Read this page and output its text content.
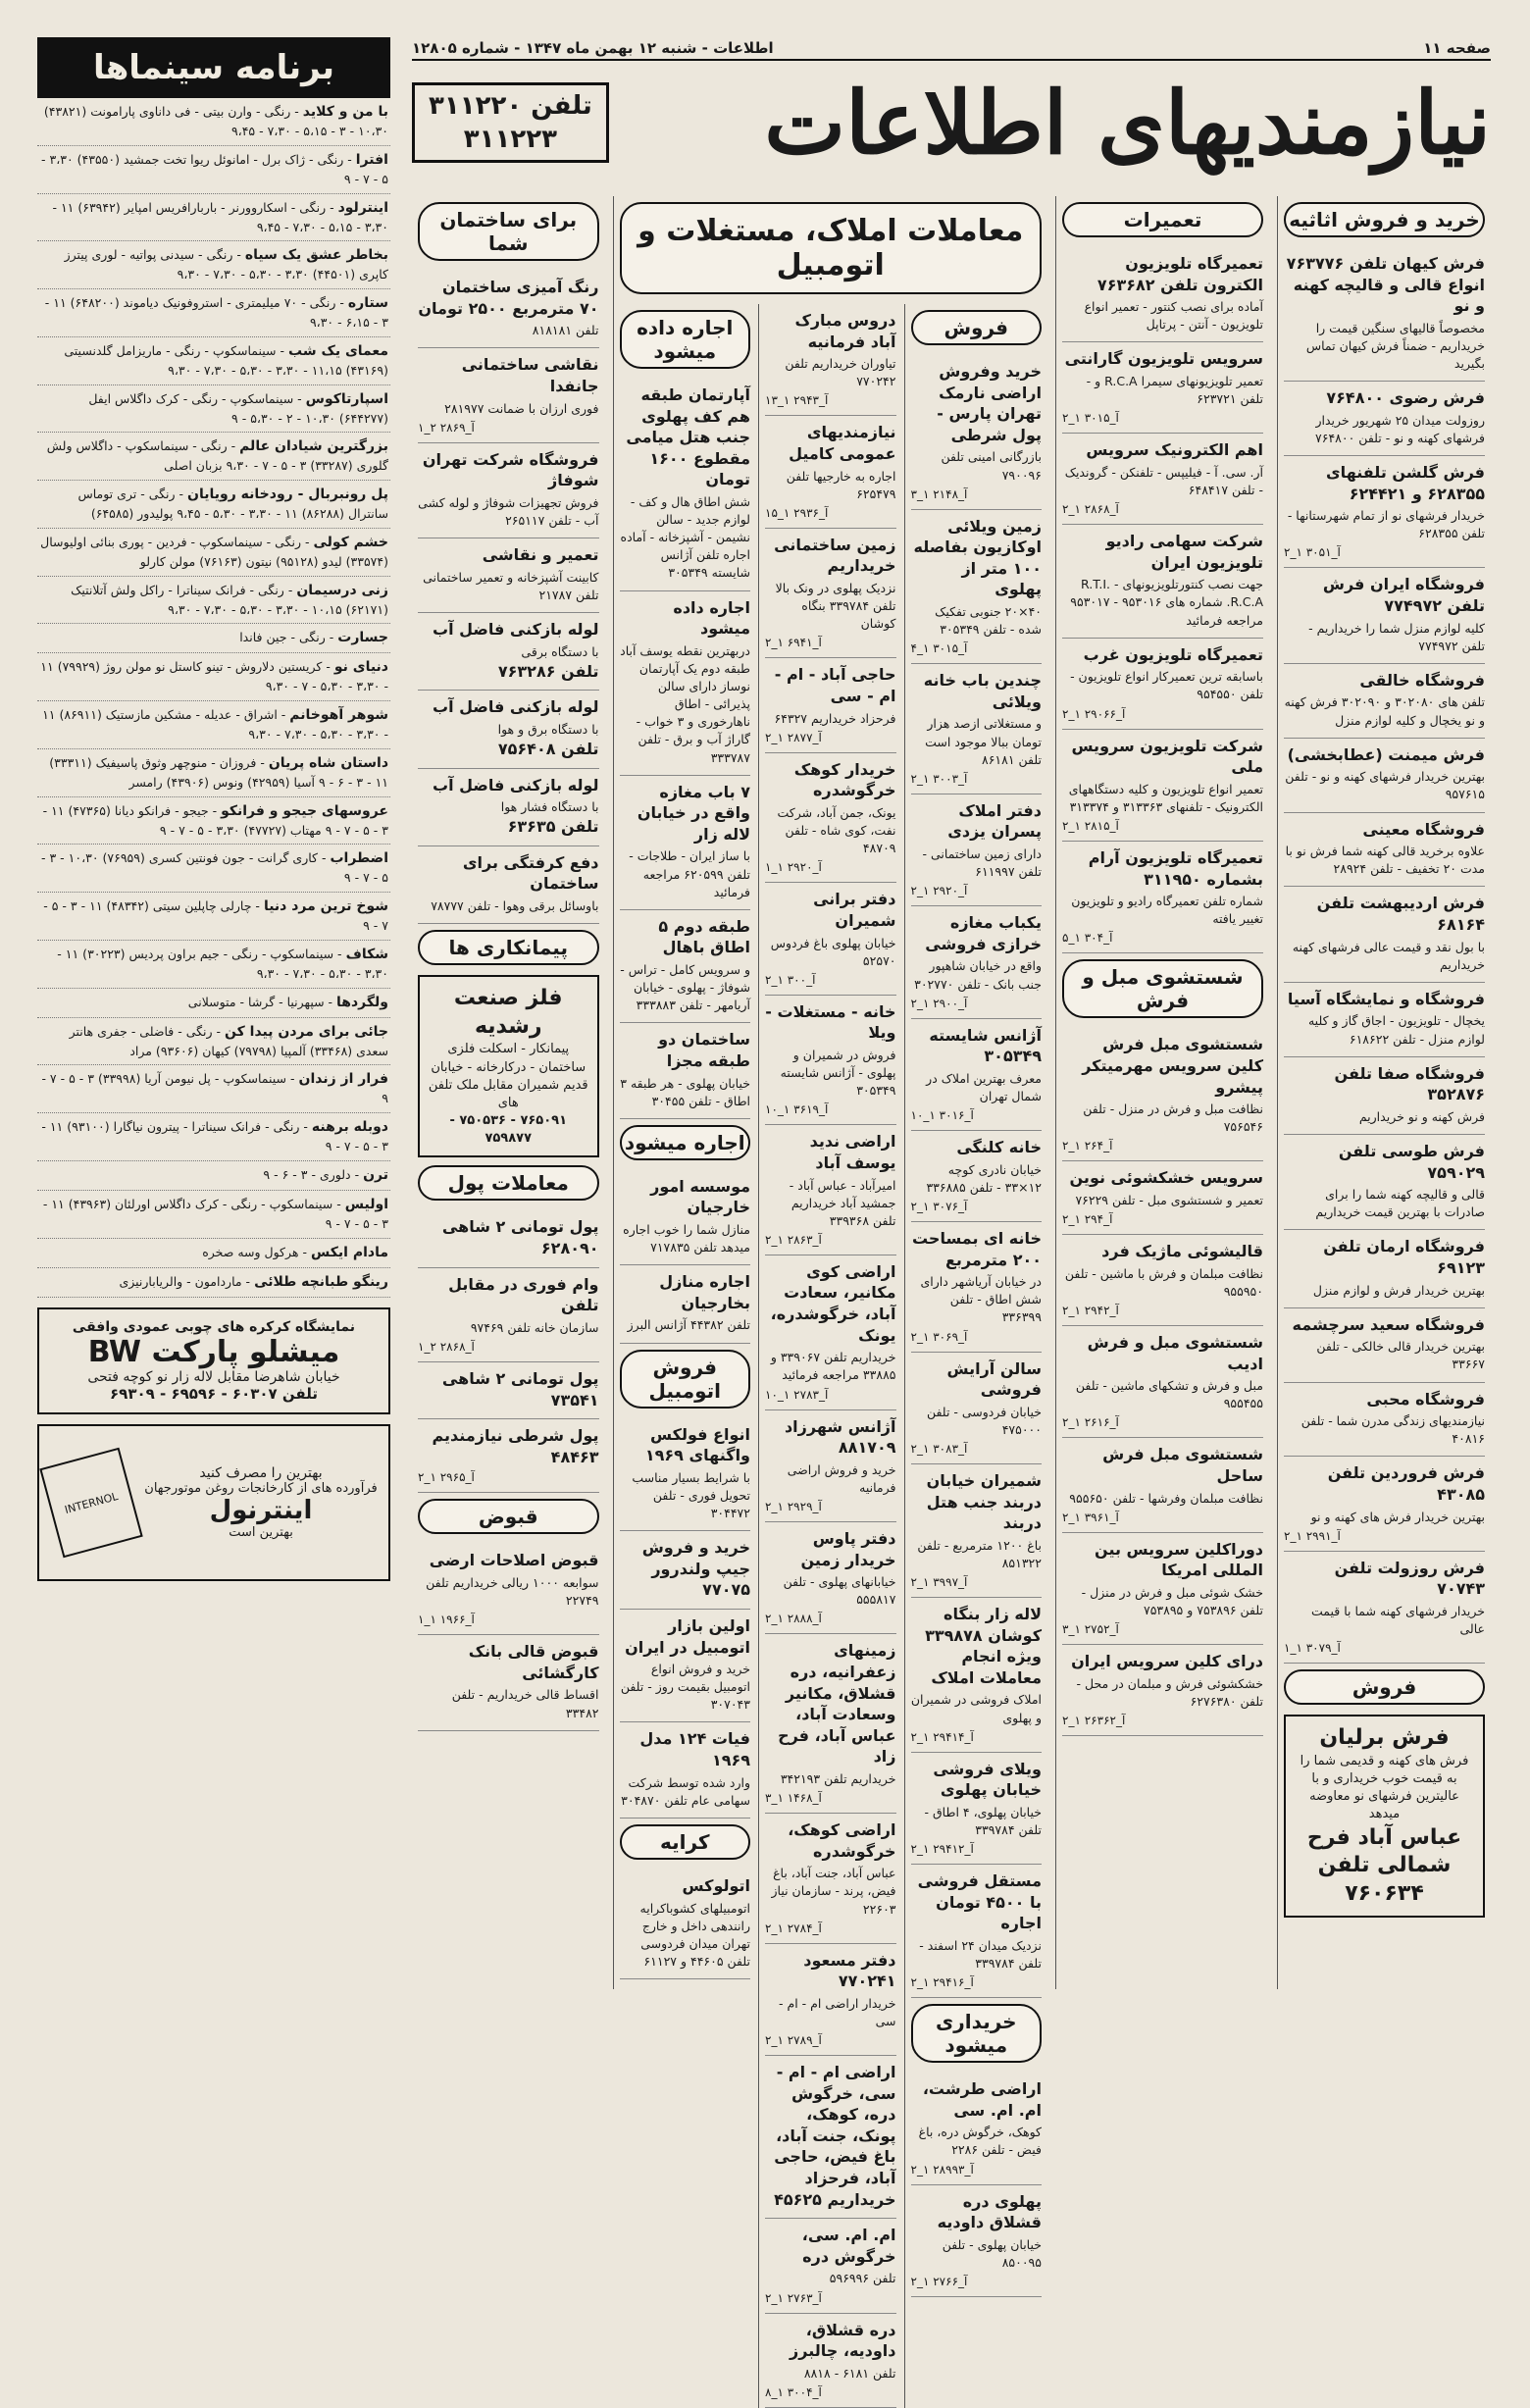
صفحه ۱۱
اطلاعات - شنبه ۱۲ بهمن ماه ۱۳۴۷ - شماره ۱۲۸۰۵
نیازمندیهای اطلاعات
تلفن ۳۱۱۲۲۰
۳۱۱۲۲۳
خرید و فروش اثاثیه
فرش کیهان تلفن ۷۶۳۷۷۶ انواع قالی و قالیچه کهنه و نو
مخصوصاً قالیهای سنگین قیمت را خریداریم - ضمناً فرش کیهان تماس بگیرید
فرش رضوی ۷۶۴۸۰۰
روزولت میدان ۲۵ شهریور خریدار فرشهای کهنه و نو - تلفن ۷۶۴۸۰۰
فرش گلشن تلفنهای ۶۲۸۳۵۵ و ۶۲۴۴۲۱
خریدار فرشهای نو از تمام شهرستانها - تلفن ۶۲۸۳۵۵
آ_۳۰۵۱ ۱_۲
فروشگاه ایران فرش تلفن ۷۷۴۹۷۲
کلیه لوازم منزل شما را خریداریم - تلفن ۷۷۴۹۷۲
فروشگاه خالقی
تلفن های ۳۰۲۰۸۰ و ۳۰۲۰۹۰ فرش کهنه و نو یخچال و کلیه لوازم منزل
فرش میمنت (عطابخشی)
بهترین خریدار فرشهای کهنه و نو - تلفن ۹۵۷۶۱۵
فروشگاه معینی
علاوه برخرید قالی کهنه شما فرش نو با مدت ۲۰ تخفیف - تلفن ۲۸۹۲۴
فرش اردیبهشت تلفن ۶۸۱۶۴
با بول نقد و قیمت عالی فرشهای کهنه خریداریم
فروشگاه و نمایشگاه آسیا
یخچال - تلویزیون - اجاق گاز و کلیه لوازم منزل - تلفن ۶۱۸۶۲۲
فروشگاه صفا تلفن ۳۵۲۸۷۶
فرش کهنه و نو خریداریم
فرش طوسی تلفن ۷۵۹۰۲۹
قالی و قالیچه کهنه شما را برای صادرات با بهترین قیمت خریداریم
فروشگاه ارمان تلفن ۶۹۱۲۳
بهترین خریدار فرش و لوازم منزل
فروشگاه سعید سرچشمه
بهترین خریدار قالی خالکی - تلفن ۳۳۶۶۷
فروشگاه محبی
نیازمندیهای زندگی مدرن شما - تلفن ۴۰۸۱۶
فرش فروردین تلفن ۴۳۰۸۵
بهترین خریدار فرش های کهنه و نو
آ_۲۹۹۱ ۱_۲
فرش روزولت تلفن ۷۰۷۴۳
خریدار فرشهای کهنه شما با قیمت عالی
آ_۳۰۷۹ ۱_۱
فروش
فرش برلیان
فرش های کهنه و قدیمی شما را به قیمت خوب خریداری و با عالیترین فرشهای نو معاوضه میدهد
عباس آباد فرح شمالی تلفن
۷۶۰۶۳۴
تعمیرات
تعمیرگاه تلویزیون الکترون تلفن ۷۶۳۶۸۲
آماده برای نصب کنتور - تعمیر انواع تلویزیون - آنتن - پرتاپل
سرویس تلویزیون گارانتی
تعمیر تلویزیونهای سیمرا R.C.A و - تلفن ۶۲۳۷۲۱
آ_۳۰۱۵ ۱_۲
اهم الکترونیک سرویس
آر. سی. آ - فیلیپس - تلفنکن - گروندیک - تلفن ۶۴۸۴۱۷
آ_۲۸۶۸ ۱_۲
شرکت سهامی رادیو تلویزیون ایران
جهت نصب کنتورتلویزیونهای R.T.I. - R.C.A. شماره های ۹۵۳۰۱۶ - ۹۵۳۰۱۷ مراجعه فرمائید
تعمیرگاه تلویزیون غرب
باسابقه ترین تعمیرکار انواع تلویزیون - تلفن ۹۵۴۵۵۰
آ_۲۹۰۶۶ ۱_۲
شرکت تلویزیون سرویس ملی
تعمیر انواع تلویزیون و کلیه دستگاههای الکترونیک - تلفنهای ۳۱۳۳۶۳ و ۳۱۳۳۷۴
آ_۲۸۱۵ ۱_۲
تعمیرگاه تلویزیون آرام بشماره ۳۱۱۹۵۰
شماره تلفن تعمیرگاه رادیو و تلویزیون تغییر یافته
آ_۳۰۴ ۱_۵
شستشوی مبل و فرش
شستشوی مبل فرش کلین سرویس مهرمیتکر پیشرو
نظافت مبل و فرش در منزل - تلفن ۷۵۶۵۴۶
آ_۲۶۴ ۱_۲
سرویس خشکشوئی نوین
تعمیر و شستشوی مبل - تلفن ۷۶۲۲۹
آ_۲۹۴ ۱_۲
قالیشوئی ماژیک فرد
نظافت مبلمان و فرش با ماشین - تلفن ۹۵۵۹۵۰
آ_۲۹۴۲ ۱_۲
شستشوی مبل و فرش ادیب
مبل و فرش و تشکهای ماشین - تلفن ۹۵۵۴۵۵
آ_۲۶۱۶ ۱_۲
شستشوی مبل فرش ساحل
نظافت مبلمان وفرشها - تلفن ۹۵۵۶۵۰
آ_۳۹۶۱ ۱_۲
دوراکلین سرویس بین المللی امریکا
خشک شوئی مبل و فرش در منزل - تلفن ۷۵۳۸۹۶ و ۷۵۳۸۹۵
آ_۲۷۵۲ ۱_۳
درای کلین سرویس ایران
خشکشوئی فرش و مبلمان در محل - تلفن ۶۲۷۶۳۸۰
آ_۲۶۳۶۲ ۱_۲
معاملات املاک، مستغلات و اتومبیل
فروش
خرید وفروش اراضی نارمک تهران پارس - پول شرطی
بازرگانی امینی تلفن ۷۹۰۰۹۶
آ_۲۱۴۸ ۱_۳
زمین ویلائی اوکازیون بفاصله ۱۰۰ متر از پهلوی
۴۰×۲۰ جنوبی تفکیک شده - تلفن ۳۰۵۳۴۹
آ_۳۰۱۵ ۱_۴
چندین باب خانه ویلائی
و مستغلاتی ازصد هزار تومان ببالا موجود است تلفن ۸۶۱۸۱
آ_۳۰۰۳ ۱_۲
دفتر املاک پسران یزدی
دارای زمین ساختمانی - تلفن ۶۱۱۹۹۷
آ_۲۹۲۰ ۱_۲
یکباب مغازه خرازی فروشی
واقع در خیابان شاهپور جنب بانک - تلفن ۳۰۲۷۷۰
آ_۲۹۰۰ ۱_۲
آژانس شایسته ۳۰۵۳۴۹
معرف بهترین املاک در شمال تهران
آ_۳۰۱۶ ۱_۱۰
خانه کلنگی
خیابان نادری کوچه ۱۲×۳۳ - تلفن ۳۳۶۸۸۵
آ_۳۰۷۶ ۱_۲
خانه ای بمساحت ۲۰۰ مترمربع
در خیابان آریاشهر دارای شش اطاق - تلفن ۳۳۶۳۹۹
آ_۳۰۶۹ ۱_۲
سالن آرایش فروشی
خیابان فردوسی - تلفن ۴۷۵۰۰۰
آ_۳۰۸۳ ۱_۲
شمیران خیابان دربند جنب هتل دربند
باغ ۱۲۰۰ مترمربع - تلفن ۸۵۱۳۲۲
آ_۳۹۹۷ ۱_۲
لاله زار بنگاه کوشان ۳۳۹۸۷۸ ویژه انجام معاملات املاک
املاک فروشی در شمیران و پهلوی
آ_۲۹۴۱۴ ۱_۲
ویلای فروشی خیابان پهلوی
خیابان پهلوی، ۴ اطاق - تلفن ۳۳۹۷۸۴
آ_۲۹۴۱۲ ۱_۲
مستقل فروشی با ۴۵۰۰ تومان اجاره
نزدیک میدان ۲۴ اسفند - تلفن ۳۳۹۷۸۴
آ_۲۹۴۱۶ ۱_۲
خریداری میشود
اراضی طرشت، ام. ام. سی
کوهک، خرگوش دره، باغ فیض - تلفن ۲۲۸۶
آ_۲۸۹۹۳ ۱_۲
پهلوی دره قشلاق داودیه
خیابان پهلوی - تلفن ۸۵۰۰۹۵
آ_۲۷۶۶ ۱_۲
دروس مبارک آباد فرمانیه
تیاوران خریداریم تلفن ۷۷۰۲۴۲
آ_۲۹۴۳ ۱_۱۳
نیازمندیهای عمومی کامیل
اجاره به خارجیها تلفن ۶۲۵۴۷۹
آ_۲۹۳۶ ۱_۱۵
زمین ساختمانی خریداریم
نزدیک پهلوی در ونک بالا تلفن ۳۳۹۷۸۴ بنگاه کوشان
آ_۶۹۴۱ ۱_۲
حاجی آباد - ام - ام - سی
فرحزاد خریداریم ۶۴۳۲۷
آ_۲۸۷۷ ۱_۲
خریدار کوهک خرگوشدره
یونک، جمن آباد، شرکت نفت، کوی شاه - تلفن ۴۸۷۰۹
آ_۲۹۲۰ ۱_۱
دفتر برانی شمیران
خیابان پهلوی باغ فردوس ۵۲۵۷۰
آ_۳۰۰ ۱_۲
خانه - مستغلات - ویلا
فروش در شمیران و پهلوی - آژانس شایسته ۳۰۵۳۴۹
آ_۳۶۱۹ ۱_۱۰
اراضی ندید یوسف آباد
امیرآباد - عباس آباد - جمشید آباد خریداریم تلفن ۳۳۹۳۶۸
آ_۲۸۶۳ ۱_۲
اراضی کوی مکانیر، سعادت آباد، خرگوشدره، یونک
خریداریم تلفن ۳۳۹۰۶۷ و ۳۳۸۸۵ مراجعه فرمائید
آ_۲۷۸۳ ۱_۱۰
آژانس شهرزاد ۸۸۱۷۰۹
خرید و فروش اراضی فرمانیه
آ_۲۹۲۹ ۱_۲
دفتر پاوس خریدار زمین
خیابانهای پهلوی - تلفن ۵۵۵۸۱۷
آ_۲۸۸۸ ۱_۲
زمینهای زعفرانیه، دره قشلاق، مکانیر وسعادت آباد، عباس آباد، فرح زاد
خریداریم تلفن ۳۴۲۱۹۳
آ_۱۴۶۸ ۱_۳
اراضی کوهک، خرگوشدره
عباس آباد، جنت آباد، باغ فیض، پرند - سازمان نیاز ۲۲۶۰۳
آ_۲۷۸۴ ۱_۲
دفتر مسعود ۷۷۰۲۴۱
خریدار اراضی ام - ام - سی
آ_۲۷۸۹ ۱_۲
اراضی ام - ام - سی، خرگوش دره، کوهک، پونک، جنت آباد، باغ فیض، حاجی آباد، فرحزاد خریداریم ۴۵۶۲۵
ام. ام. سی، خرگوش دره
تلفن ۵۹۶۹۹۶
آ_۲۷۶۳ ۱_۲
دره قشلاق، داودیه، چالبرز
تلفن ۶۱۸۱ - ۸۸۱۸
آ_۳۰۰۴ ۱_۸
اجاره داده میشود
آپارتمان طبقه هم کف پهلوی جنب هتل میامی مقطوع ۱۶۰۰ تومان
شش اطاق هال و کف - لوازم جدید - سالن نشیمن - آشپزخانه - آماده اجاره تلفن آژانس شایسته ۳۰۵۳۴۹
اجاره داده میشود
دربهترین نقطه یوسف آباد طبقه دوم یک آپارتمان نوساز دارای سالن پذیرائی - اطاق ناهارخوری و ۳ خواب - گاراژ آب و برق - تلفن ۳۳۳۷۸۷
۷ باب مغازه واقع در خیابان لاله زار
با ساز ایران - طلاجات - تلفن ۶۲۰۵۹۹ مراجعه فرمائید
طبقه دوم ۵ اطاق باهال
و سرویس کامل - تراس - شوفاژ - پهلوی - خیابان آریامهر - تلفن ۳۳۳۸۸۳
ساختمان دو طبقه مجزا
خیابان پهلوی - هر طبقه ۳ اطاق - تلفن ۳۰۴۵۵
اجاره میشود
موسسه امور خارجیان
منازل شما را خوب اجاره میدهد تلفن ۷۱۷۸۳۵
اجاره منازل بخارجیان
تلفن ۴۴۳۸۲ آژانس البرز
فروش اتومبیل
انواع فولکس واگنهای ۱۹۶۹
با شرایط بسیار مناسب تحویل فوری - تلفن ۳۰۴۴۷۲
خرید و فروش جیپ ولندرور ۷۷۰۷۵
اولین بازار اتومبیل در ایران
خرید و فروش انواع اتومبیل بقیمت روز - تلفن ۳۰۷۰۴۳
فیات ۱۲۴ مدل ۱۹۶۹
وارد شده توسط شرکت سهامی عام تلفن ۳۰۴۸۷۰
کرایه
اتولوکس
اتومبیلهای کشوباکرایه رانندهی داخل و خارج تهران میدان فردوسی تلفن ۴۴۶۰۵ و ۶۱۱۲۷
برای ساختمان شما
رنگ آمیزی ساختمان ۷۰ مترمربع ۲۵۰۰ تومان
تلفن ۸۱۸۱۸۱
نقاشی ساختمانی جانفدا
فوری ارزان با ضمانت ۲۸۱۹۷۷
آ_۲۸۶۹ ۲_۱
فروشگاه شرکت تهران شوفاژ
فروش تجهیزات شوفاژ و لوله کشی آب - تلفن ۲۶۵۱۱۷
تعمیر و نقاشی
کابینت آشپزخانه و تعمیر ساختمانی تلفن ۲۱۷۸۷
لوله بازکنی فاضل آب
با دستگاه برقی
تلفن ۷۶۳۲۸۶
لوله بازکنی فاضل آب
با دستگاه برق و هوا
تلفن ۷۵۶۴۰۸
لوله بازکنی فاضل آب
با دستگاه فشار هوا
تلفن ۶۳۶۳۵
دفع کرفتگی برای ساختمان
باوسائل برقی وهوا - تلفن ۷۸۷۷۷
پیمانکاری ها
فلز صنعت رشدیه
پیمانکار - اسکلت فلزی ساختمان - درکارخانه - خیابان قدیم شمیران مقابل ملک تلفن های
۷۶۵۰۹۱ - ۷۵۰۵۳۶ - ۷۵۹۸۷۷
معاملات پول
پول تومانی ۲ شاهی ۶۲۸۰۹۰
وام فوری در مقابل تلفن
سازمان خانه تلفن ۹۷۴۶۹
آ_۲۸۶۸ ۲_۱
پول تومانی ۲ شاهی ۷۳۵۴۱
پول شرطی نیازمندیم ۴۸۴۶۳
آ_۲۹۶۵ ۱_۲
قبوض
قبوض اصلاحات ارضی
سوابعه ۱۰۰۰ ریالی خریداریم تلفن ۲۲۷۴۹
آ_۱۹۶۶ ۱_۱
قبوض قالی بانک کارگشائی
اقساط قالی خریداریم - تلفن ۳۳۴۸۲
برنامه سینماها
با من و کلاید - رنگی - وارن بیتی - فی داناوی پارامونت (۴۳۸۲۱) ۱۰،۳۰ - ۳ - ۵،۱۵ - ۷،۳۰ - ۹،۴۵
افترا - رنگی - ژاک برل - امانوئل ریوا تخت جمشید (۴۳۵۵۰) ۳،۳۰ - ۵ - ۷ - ۹
اینترلود - رنگی - اسکاروورنر - باربارافریس امپایر (۶۳۹۴۲) ۱۱ - ۳،۳۰ - ۵،۱۵ - ۷،۳۰ - ۹،۴۵
بخاطر عشق یک سیاه - رنگی - سیدنی پواتیه - لوری پیترز کاپری (۴۴۵۰۱) ۳،۳۰ - ۵،۳۰ - ۷،۳۰ - ۹،۳۰
ستاره - رنگی - ۷۰ میلیمتری - استروفونیک دیاموند (۶۴۸۲۰۰) ۱۱ - ۳ - ۶،۱۵ - ۹،۳۰
معمای یک شب - سینماسکوپ - رنگی - ماریزامل گلدنسیتی (۴۳۱۶۹) ۱۱،۱۵ - ۳،۳۰ - ۵،۳۰ - ۷،۳۰ - ۹،۳۰
اسپارتاکوس - سینماسکوپ - رنگی - کرک داگلاس ایفل (۶۴۴۲۷۷) ۱۰،۳۰ - ۲ - ۵،۳۰ - ۹
بزرگترین شیادان عالم - رنگی - سینماسکوپ - داگلاس ولش گلوری (۳۳۲۸۷) ۳ - ۵ - ۷ - ۹،۳۰ بزبان اصلی
پل رونبربال - رودخانه رویایان - رنگی - تری توماس سانترال (۸۶۲۸۸) ۱۱ - ۳،۳۰ - ۵،۳۰ - ۹،۴۵ پولیدور (۶۴۵۸۵)
خشم کولی - رنگی - سینماسکوپ - فردین - پوری بنائی اولیوسال (۳۳۵۷۴) لیدو (۹۵۱۲۸) نیتون (۷۶۱۶۳) مولن کارلو
زنی درسیمان - رنگی - فرانک سیناترا - راکل ولش آتلانتیک (۶۲۱۷۱) ۱۰،۱۵ - ۳،۳۰ - ۵،۳۰ - ۷،۳۰ - ۹،۳۰
جسارت - رنگی - جین فاندا
دنیای نو - کریستین دلاروش - تینو کاستل نو مولن روژ (۷۹۹۲۹) ۱۱ - ۳،۳۰ - ۵،۳۰ - ۷ - ۹،۳۰
شوهر آهوخانم - اشراق - عدیله - مشکین مازستیک (۸۶۹۱۱) ۱۱ - ۳،۳۰ - ۵،۳۰ - ۷،۳۰ - ۹،۳۰
داستان شاه پریان - فروزان - منوچهر وثوق پاسیفیک (۳۳۳۱۱) ۱۱ - ۳ - ۶ - ۹ آسیا (۴۲۹۵۹) ونوس (۴۳۹۰۶) رامسر
عروسهای جیجو و فرانکو - جیجو - فرانکو دیانا (۴۷۳۶۵) ۱۱ - ۳ - ۵ - ۷ - ۹ مهتاب (۴۷۷۲۷) ۳،۳۰ - ۵ - ۷ - ۹
اضطراب - کاری گرانت - جون فونتین کسری (۷۶۹۵۹) ۱۰،۳۰ - ۳ - ۵ - ۷ - ۹
شوخ ترین مرد دنیا - چارلی چاپلین سیتی (۴۸۳۴۲) ۱۱ - ۳ - ۵ - ۷ - ۹
شکاف - سینماسکوپ - رنگی - جیم براون پردیس (۳۰۲۲۳) ۱۱ - ۳،۳۰ - ۵،۳۰ - ۷،۳۰ - ۹،۳۰
ولگردها - سپهرنیا - گرشا - متوسلانی
جائی برای مردن پیدا کن - رنگی - فاضلی - جفری هانتر سعدی (۳۳۴۶۸) آلمپیا (۷۹۷۹۸) کیهان (۹۳۶۰۶) مراد
فرار از زندان - سینماسکوپ - پل نیومن آریا (۳۳۹۹۸) ۳ - ۵ - ۷ - ۹
دوبله برهنه - رنگی - فرانک سیناترا - پیترون نیاگارا (۹۳۱۰۰) ۱۱ - ۳ - ۵ - ۷ - ۹
ترن - دلوری - ۳ - ۶ - ۹
اولیس - سینماسکوپ - رنگی - کرک داگلاس اورلئان (۴۳۹۶۳) ۱۱ - ۳ - ۵ - ۷ - ۹
مادام ایکس - هرکول وسه صخره
رینگو طبانچه طلائی - ماردامون - والریابارنیزی
نمایشگاه کرکره های چوبی عمودی وافقی
میشلو پارکت BW
خیابان شاهرضا مقابل لاله زار نو کوچه فتحی
تلفن ۶۰۳۰۷ - ۶۹۵۹۶ - ۶۹۳۰۹
بهترین را مصرف کنید
فرآورده های از کارخانجات روغن موتورجهان
اینترنول
بهترین است
INTERNOL
